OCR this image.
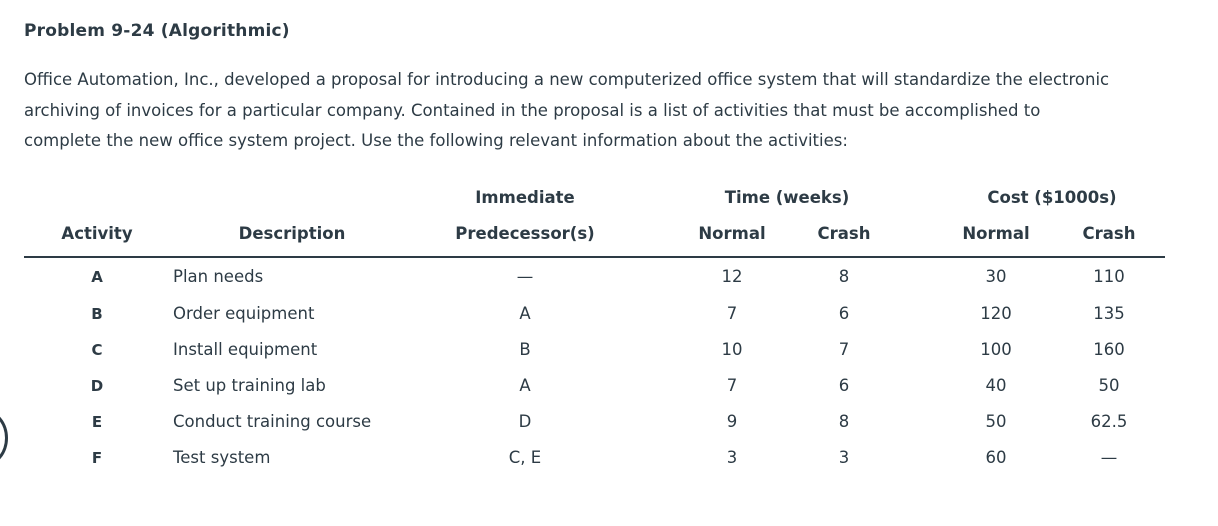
Problem 9-24 (Algorithmic)

Office Automation, Inc., developed a proposal for introducing a new computerized office system that will standardize the electronic
archiving of invoices for a particular company. Contained in the proposal is a list of activities that must be accomplished to
complete the new office system project. Use the following relevant information about the activities:

Immediate	Time (weeks)	Cost ($1000s)
Activity	Description	Predecessor(s)	Normal	Crash	Normal	Crash
A	Plan needs	—	12	8	30	110
B	Order equipment	A	7	6	120	135
C	Install equipment	B	10	7	100	160
D	Set up training lab	A	7	6	40	50
E	Conduct training course	D	9	8	50	62.5
F	Test system	C, E	3	3	60	—
